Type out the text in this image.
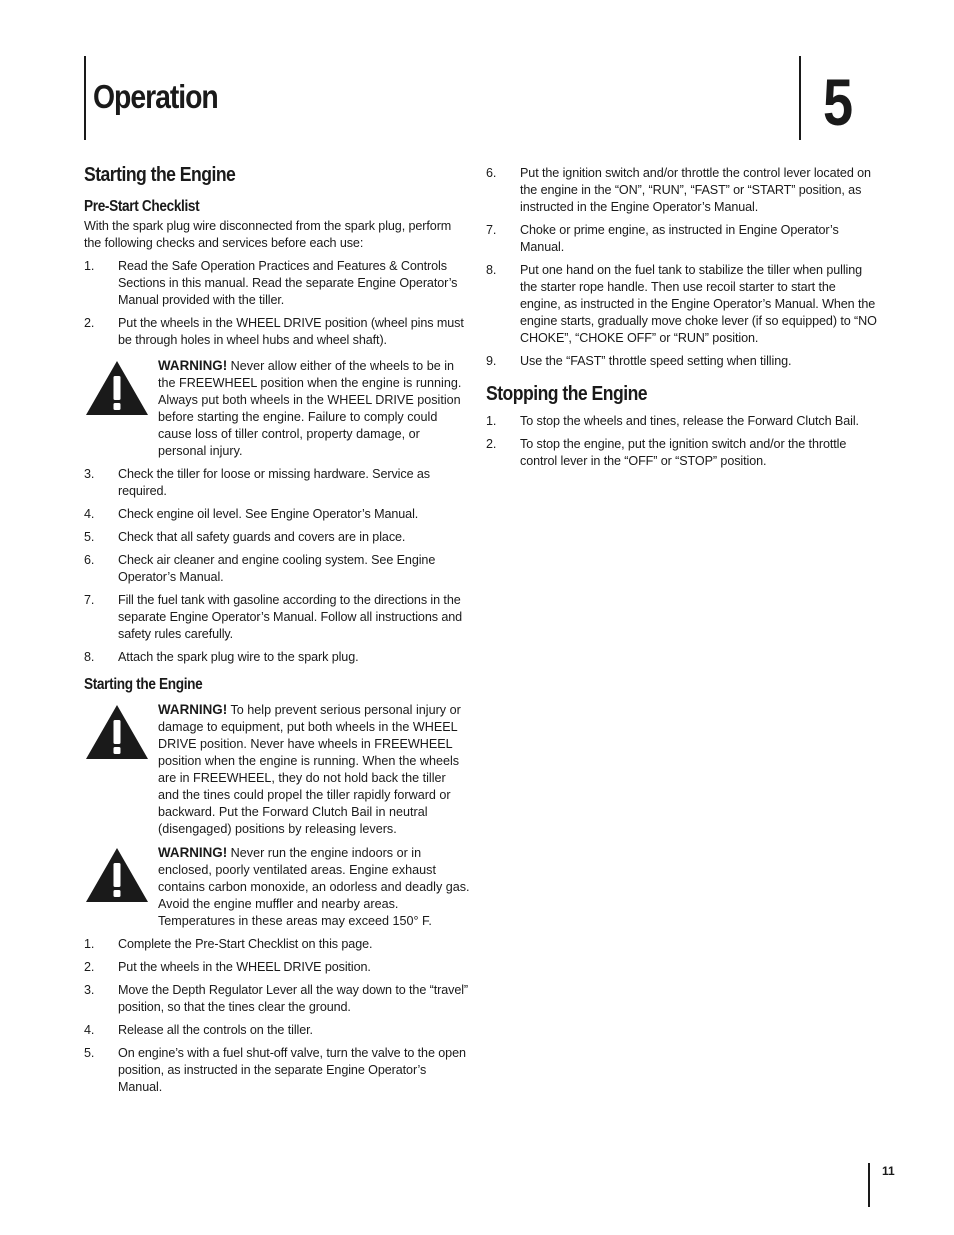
Operation	5
Starting the Engine
Pre-Start Checklist

With the spark plug wire disconnected from the spark plug, perform the following checks and services before each use:

1.	Read the Safe Operation Practices and Features & Controls Sections in this manual. Read the separate Engine Operator’s Manual provided with the tiller.
2.	Put the wheels in the WHEEL DRIVE position (wheel pins must be through holes in wheel hubs and wheel shaft).
WARNING! Never allow either of the wheels to be in the FREEWHEEL position when the engine is running. Always put both wheels in the WHEEL DRIVE position before starting the engine. Failure to comply could cause loss of tiller control, property damage, or personal injury.
3.	Check the tiller for loose or missing hardware. Service as required.
4.	Check engine oil level. See Engine Operator’s Manual.
5.	Check that all safety guards and covers are in place.
6.	Check air cleaner and engine cooling system. See Engine Operator’s Manual.
7.	Fill the fuel tank with gasoline according to the directions in the separate Engine Operator’s Manual. Follow all instructions and safety rules carefully.
8.	Attach the spark plug wire to the spark plug.
Starting the Engine
WARNING! To help prevent serious personal injury or damage to equipment, put both wheels in the WHEEL DRIVE position. Never have wheels in FREEWHEEL position when the engine is running. When the wheels are in FREEWHEEL, they do not hold back the tiller and the tines could propel the tiller rapidly forward or backward. Put the Forward Clutch Bail in neutral (disengaged) positions by releasing levers.
WARNING! Never run the engine indoors or in enclosed, poorly ventilated areas. Engine exhaust contains carbon monoxide, an odorless and deadly gas. Avoid the engine muffler and nearby areas. Temperatures in these areas may exceed 150° F.
1.	Complete the Pre-Start Checklist on this page.
2.	Put the wheels in the WHEEL DRIVE position.
3.	Move the Depth Regulator Lever all the way down to the “travel” position, so that the tines clear the ground.
4.	Release all the controls on the tiller.
5.	On engine’s with a fuel shut-off valve, turn the valve to the open position, as instructed in the separate Engine Operator’s Manual.
6.	Put the ignition switch and/or throttle the control lever located on the engine in the “ON”, “RUN”, “FAST” or “START” position, as instructed in the Engine Operator’s Manual.
7.	Choke or prime engine, as instructed in Engine Operator’s Manual.
8.	Put one hand on the fuel tank to stabilize the tiller when pulling the starter rope handle. Then use recoil starter to start the engine, as instructed in the Engine Operator’s Manual. When the engine starts, gradually move choke lever (if so equipped) to “NO CHOKE”, “CHOKE OFF” or “RUN” position.
9.	Use the “FAST” throttle speed setting when tilling.
Stopping the Engine
1.	To stop the wheels and tines, release the Forward Clutch Bail.
2.	To stop the engine, put the ignition switch and/or the throttle control lever in the “OFF” or “STOP” position.
11
